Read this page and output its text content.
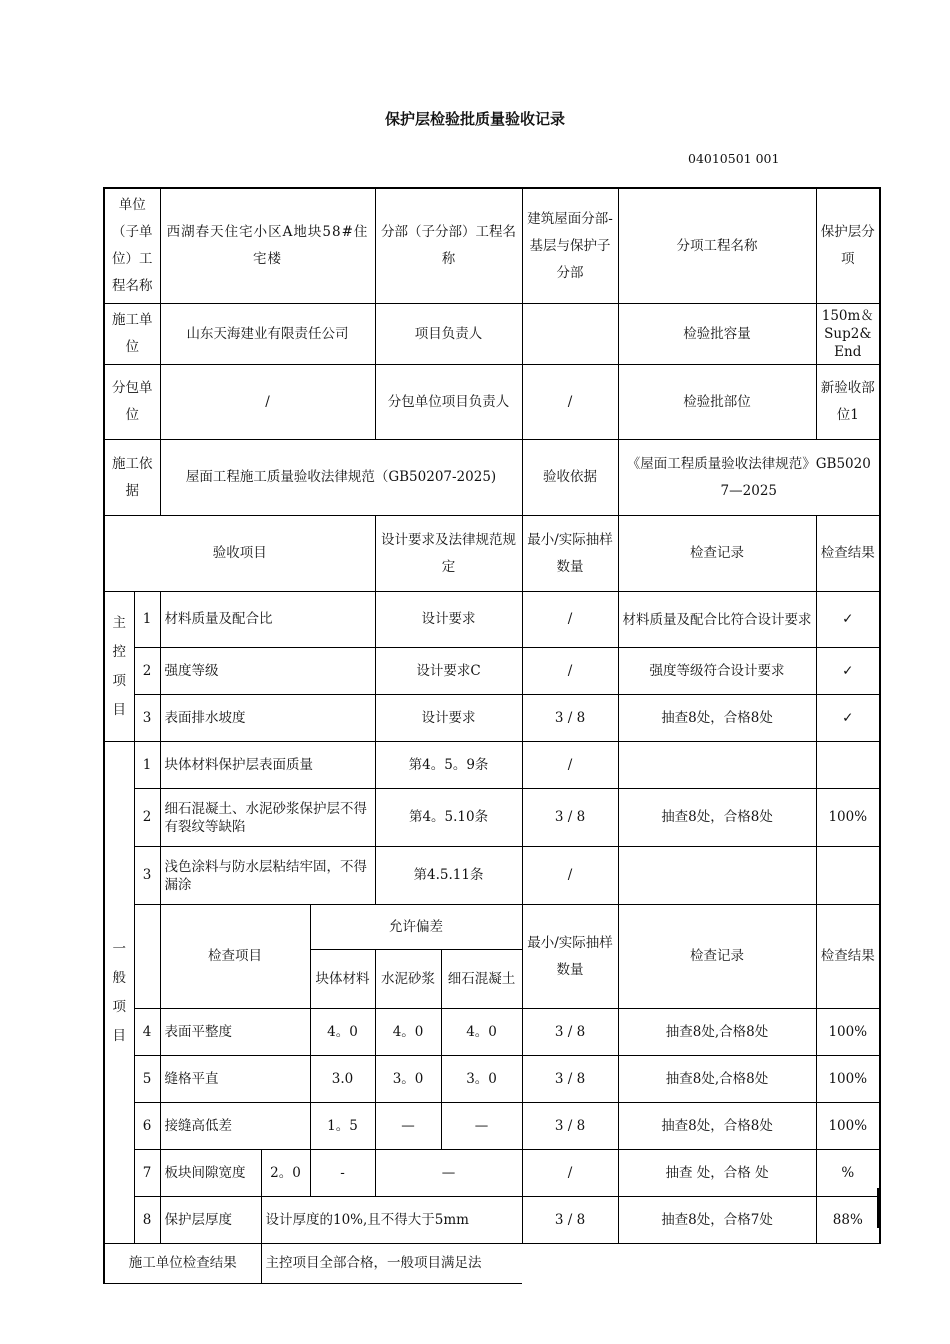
保护层检验批质量验收记录
04010501 001
单位（子单位）工程名称		西湖春天住宅小区A地块58#住宅楼			分部（子分部）工程名称		建筑屋面分部-基层与保护子分部	分项工程名称	保护层分项
施工单位		山东天海建业有限责任公司			项目负责人			检验批容量	150m＆Sup2&End
分包单位		/			分包单位项目负责人		/	检验批部位	新验收部位1
施工依据		屋面工程施工质量验收法律规范（GB50207-2025)					验收依据	《屋面工程质量验收法律规范》GB50207—2025	
验收项目					设计要求及法律规范规定		最小/实际抽样数量	检查记录	检查结果
主控项目	1	材料质量及配合比			设计要求		/	材料质量及配合比符合设计要求	✓
	2	强度等级			设计要求C		/	强度等级符合设计要求	✓
	3	表面排水坡度			设计要求		3 / 8	抽查8处，合格8处	✓
一般项目	1	块体材料保护层表面质量			第4。5。9条		/		
	2	细石混凝土、水泥砂浆保护层不得有裂纹等缺陷			第4。5.10条		3 / 8	抽查8处，合格8处	100%
	3	浅色涂料与防水层粘结牢固，不得漏涂			第4.5.11条		/		
		检查项目		允许偏差			最小/实际抽样数量	检查记录	检查结果
				块体材料	水泥砂浆	细石混凝土			
	4	表面平整度		4。0	4。0	4。0	3 / 8	抽查8处,合格8处	100%
	5	缝格平直		3.0	3。0	3。0	3 / 8	抽查8处,合格8处	100%
	6	接缝高低差		1。5	—	—	3 / 8	抽查8处，合格8处	100%
	7	板块间隙宽度	2。0	-	—		/	抽查 处，合格 处	%
	8	保护层厚度	设计厚度的10%,且不得大于5mm				3 / 8	抽查8处，合格7处	88%
施工单位检查结果			主控项目全部合格，一般项目满足法						
